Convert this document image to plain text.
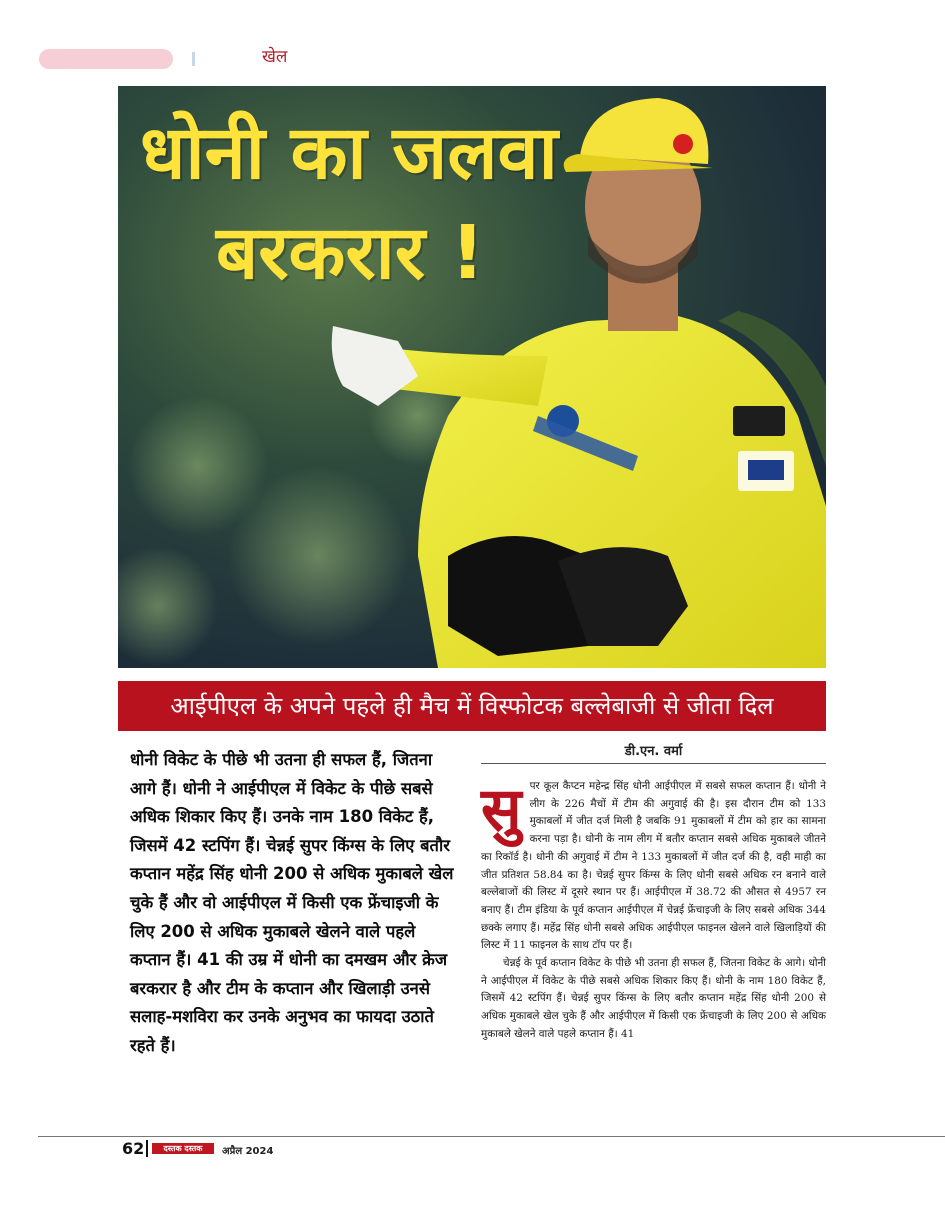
खेल
धोनी का जलवा
बरकरार !
आईपीएल के अपने पहले ही मैच में विस्फोटक बल्लेबाजी से जीता दिल
धोनी विकेट के पीछे भी उतना ही सफल हैं, जितना आगे हैं। धोनी ने आईपीएल में विकेट के पीछे सबसे अधिक शिकार किए हैं। उनके नाम 180 विकेट हैं, जिसमें 42 स्टपिंग हैं। चेन्नई सुपर किंग्स के लिए बतौर कप्तान महेंद्र सिंह धोनी 200 से अधिक मुकाबले खेल चुके हैं और वो आईपीएल में किसी एक फ्रेंचाइजी के लिए 200 से अधिक मुकाबले खेलने वाले पहले कप्तान हैं। 41 की उम्र में धोनी का दमखम और क्रेज बरकरार है और टीम के कप्तान और खिलाड़ी उनसे सलाह-मशविरा कर उनके अनुभव का फायदा उठाते रहते हैं।
डी.एन. वर्मा
सु पर कूल कैप्टन महेन्द्र सिंह धोनी आईपीएल में सबसे सफल कप्तान हैं। धोनी ने लीग के 226 मैचों में टीम की अगुवाई की है। इस दौरान टीम को 133 मुकाबलों में जीत दर्ज मिली है जबकि 91 मुकाबलों में टीम को हार का सामना करना पड़ा है। धोनी के नाम लीग में बतौर कप्तान सबसे अधिक मुकाबले जीतने का रिकॉर्ड है। धोनी की अगुवाई में टीम ने 133 मुकाबलों में जीत दर्ज की है, वही माही का जीत प्रतिशत 58.84 का है। चेन्नई सुपर किंग्स के लिए धोनी सबसे अधिक रन बनाने वाले बल्लेबाजों की लिस्ट में दूसरे स्थान पर हैं। आईपीएल में 38.72 की औसत से 4957 रन बनाए हैं। टीम इंडिया के पूर्व कप्तान आईपीएल में चेन्नई फ्रेंचाइजी के लिए सबसे अधिक 344 छक्के लगाए हैं। महेंद्र सिंह धोनी सबसे अधिक आईपीएल फाइनल खेलने वाले खिलाड़ियों की लिस्ट में 11 फाइनल के साथ टॉप पर हैं।

चेन्नई के पूर्व कप्तान विकेट के पीछे भी उतना ही सफल हैं, जितना विकेट के आगे। धोनी ने आईपीएल में विकेट के पीछे सबसे अधिक शिकार किए हैं। धोनी के नाम 180 विकेट हैं, जिसमें 42 स्टपिंग हैं। चेन्नई सुपर किंग्स के लिए बतौर कप्तान महेंद्र सिंह धोनी 200 से अधिक मुकाबले खेल चुके हैं और आईपीएल में किसी एक फ्रेंचाइजी के लिए 200 से अधिक मुकाबले खेलने वाले पहले कप्तान हैं। 41

62	दस्तक दस्तक	अप्रैल 2024
